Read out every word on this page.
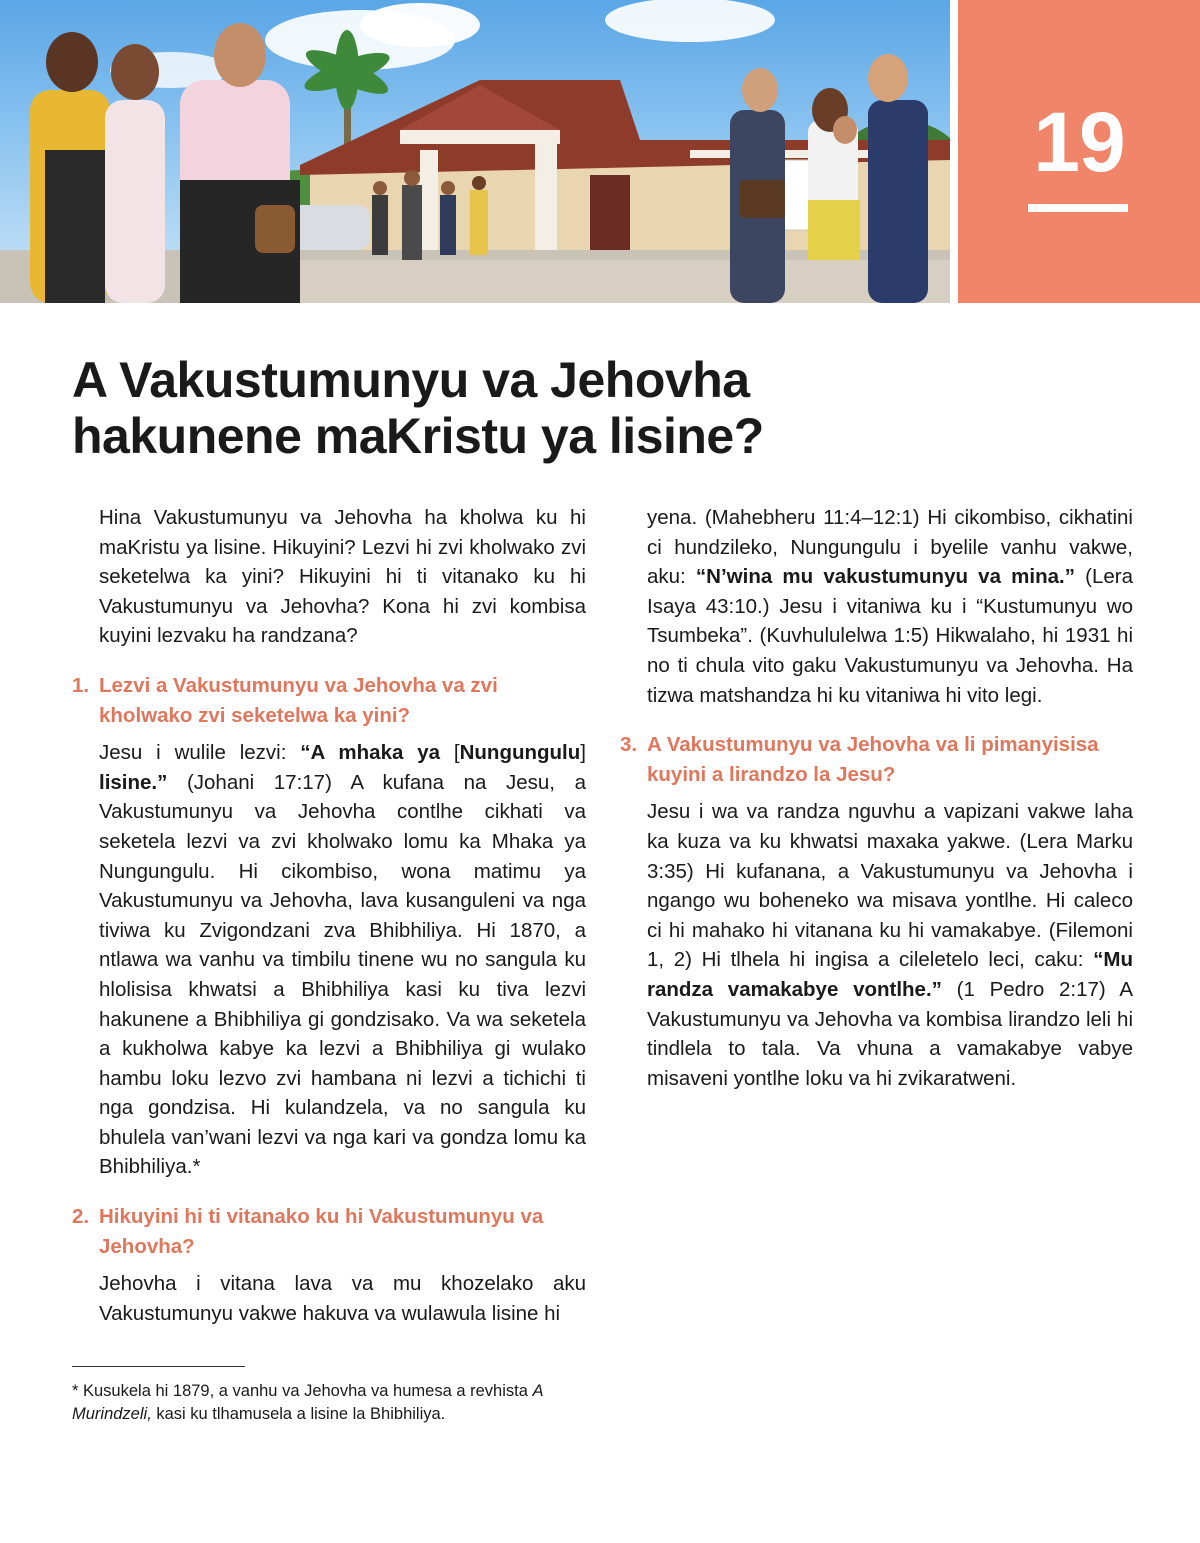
19
A Vakustumunyu va Jehovha
hakunene maKristu ya lisine?

Hina Vakustumunyu va Jehovha ha kholwa ku hi maKristu ya lisine. Hikuyini? Lezvi hi zvi kholwako zvi seketelwa ka yini? Hikuyini hi ti vitanako ku hi Vakustumunyu va Jehovha? Kona hi zvi kombisa kuyini lezvaku ha randzana?

1. Lezvi a Vakustumunyu va Jehovha va zvi kholwako zvi seketelwa ka yini?

Jesu i wulile lezvi: “A mhaka ya [Nungungulu] lisine.” (Johani 17:17) A kufana na Jesu, a Vakustumunyu va Jehovha contlhe cikhati va seketela lezvi va zvi kholwako lomu ka Mhaka ya Nungungulu. Hi cikombiso, wona matimu ya Vakustumunyu va Jehovha, lava kusanguleni va nga tiviwa ku Zvigondzani zva Bhibhiliya. Hi 1870, a ntlawa wa vanhu va timbilu tinene wu no sangula ku hlolisisa khwatsi a Bhibhiliya kasi ku tiva lezvi hakunene a Bhibhiliya gi gondzisako. Va wa seketela a kukholwa kabye ka lezvi a Bhibhiliya gi wulako hambu loku lezvo zvi hambana ni lezvi a tichichi ti nga gondzisa. Hi kulandzela, va no sangula ku bhulela van’wani lezvi va nga kari va gondza lomu ka Bhibhiliya.*

2. Hikuyini hi ti vitanako ku hi Vakustumunyu va Jehovha?

Jehovha i vitana lava va mu khozelako aku Vakustumunyu vakwe hakuva va wulawula lisine hi

yena. (Mahebheru 11:4–12:1) Hi cikombiso, cikhatini ci hundzileko, Nungungulu i byelile vanhu vakwe, aku: “N’wina mu vakustumunyu va mina.” (Lera Isaya 43:10.) Jesu i vitaniwa ku i “Kustumunyu wo Tsumbeka”. (Kuvhululelwa 1:5) Hikwalaho, hi 1931 hi no ti chula vito gaku Vakustumunyu va Jehovha. Ha tizwa matshandza hi ku vitaniwa hi vito legi.

3. A Vakustumunyu va Jehovha va li pimanyisisa kuyini a lirandzo la Jesu?

Jesu i wa va randza nguvhu a vapizani vakwe laha ka kuza va ku khwatsi maxaka yakwe. (Lera Marku 3:35) Hi kufanana, a Vakustumunyu va Jehovha i ngango wu boheneko wa misava yontlhe. Hi caleco ci hi mahako hi vitanana ku hi vamakabye. (Filemoni 1, 2) Hi tlhela hi ingisa a cileletelo leci, caku: “Mu randza vamakabye vontlhe.” (1 Pedro 2:17) A Vakustumunyu va Jehovha va kombisa lirandzo leli hi tindlela to tala. Va vhuna a vamakabye vabye misaveni yontlhe loku va hi zvikaratweni.

* Kusukela hi 1879, a vanhu va Jehovha va humesa a revhista A Murindzeli, kasi ku tlhamusela a lisine la Bhibhiliya.
